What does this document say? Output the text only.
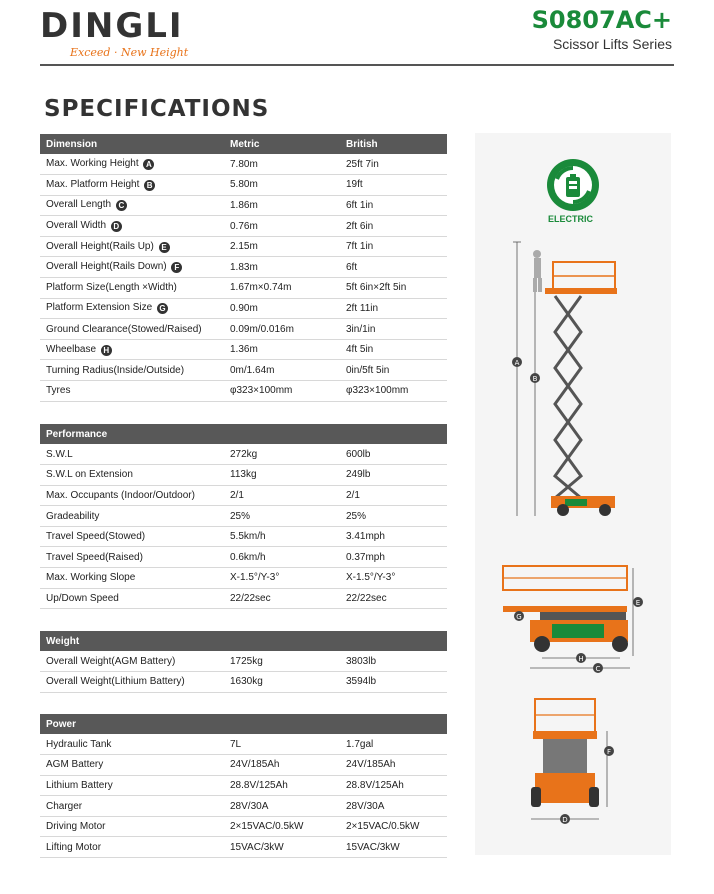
DINGLI
Exceed · New Height
S0807AC+
Scissor Lifts Series
SPECIFICATIONS
Dimension	Metric	British
Max. Working Height A	7.80m	25ft 7in
Max. Platform Height B	5.80m	19ft
Overall Length C	1.86m	6ft 1in
Overall Width D	0.76m	2ft 6in
Overall Height(Rails Up) E	2.15m	7ft 1in
Overall Height(Rails Down) F	1.83m	6ft
Platform Size(Length ×Width)	1.67m×0.74m	5ft 6in×2ft 5in
Platform Extension Size G	0.90m	2ft 11in
Ground Clearance(Stowed/Raised)	0.09m/0.016m	3in/1in
Wheelbase H	1.36m	4ft 5in
Turning Radius(Inside/Outside)	0m/1.64m	0in/5ft 5in
Tyres	φ323×100mm	φ323×100mm
Performance		
S.W.L	272kg	600lb
S.W.L on Extension	113kg	249lb
Max. Occupants (Indoor/Outdoor)	2/1	2/1
Gradeability	25%	25%
Travel Speed(Stowed)	5.5km/h	3.41mph
Travel Speed(Raised)	0.6km/h	0.37mph
Max. Working Slope	X-1.5°/Y-3°	X-1.5°/Y-3°
Up/Down Speed	22/22sec	22/22sec
Weight		
Overall Weight(AGM Battery)	1725kg	3803lb
Overall Weight(Lithium Battery)	1630kg	3594lb
Power		
Hydraulic Tank	7L	1.7gal
AGM Battery	24V/185Ah	24V/185Ah
Lithium Battery	28.8V/125Ah	28.8V/125Ah
Charger	28V/30A	28V/30A
Driving Motor	2×15VAC/0.5kW	2×15VAC/0.5kW
Lifting Motor	15VAC/3kW	15VAC/3kW
ELECTRIC
A
B
E
G
H
C
F
D
